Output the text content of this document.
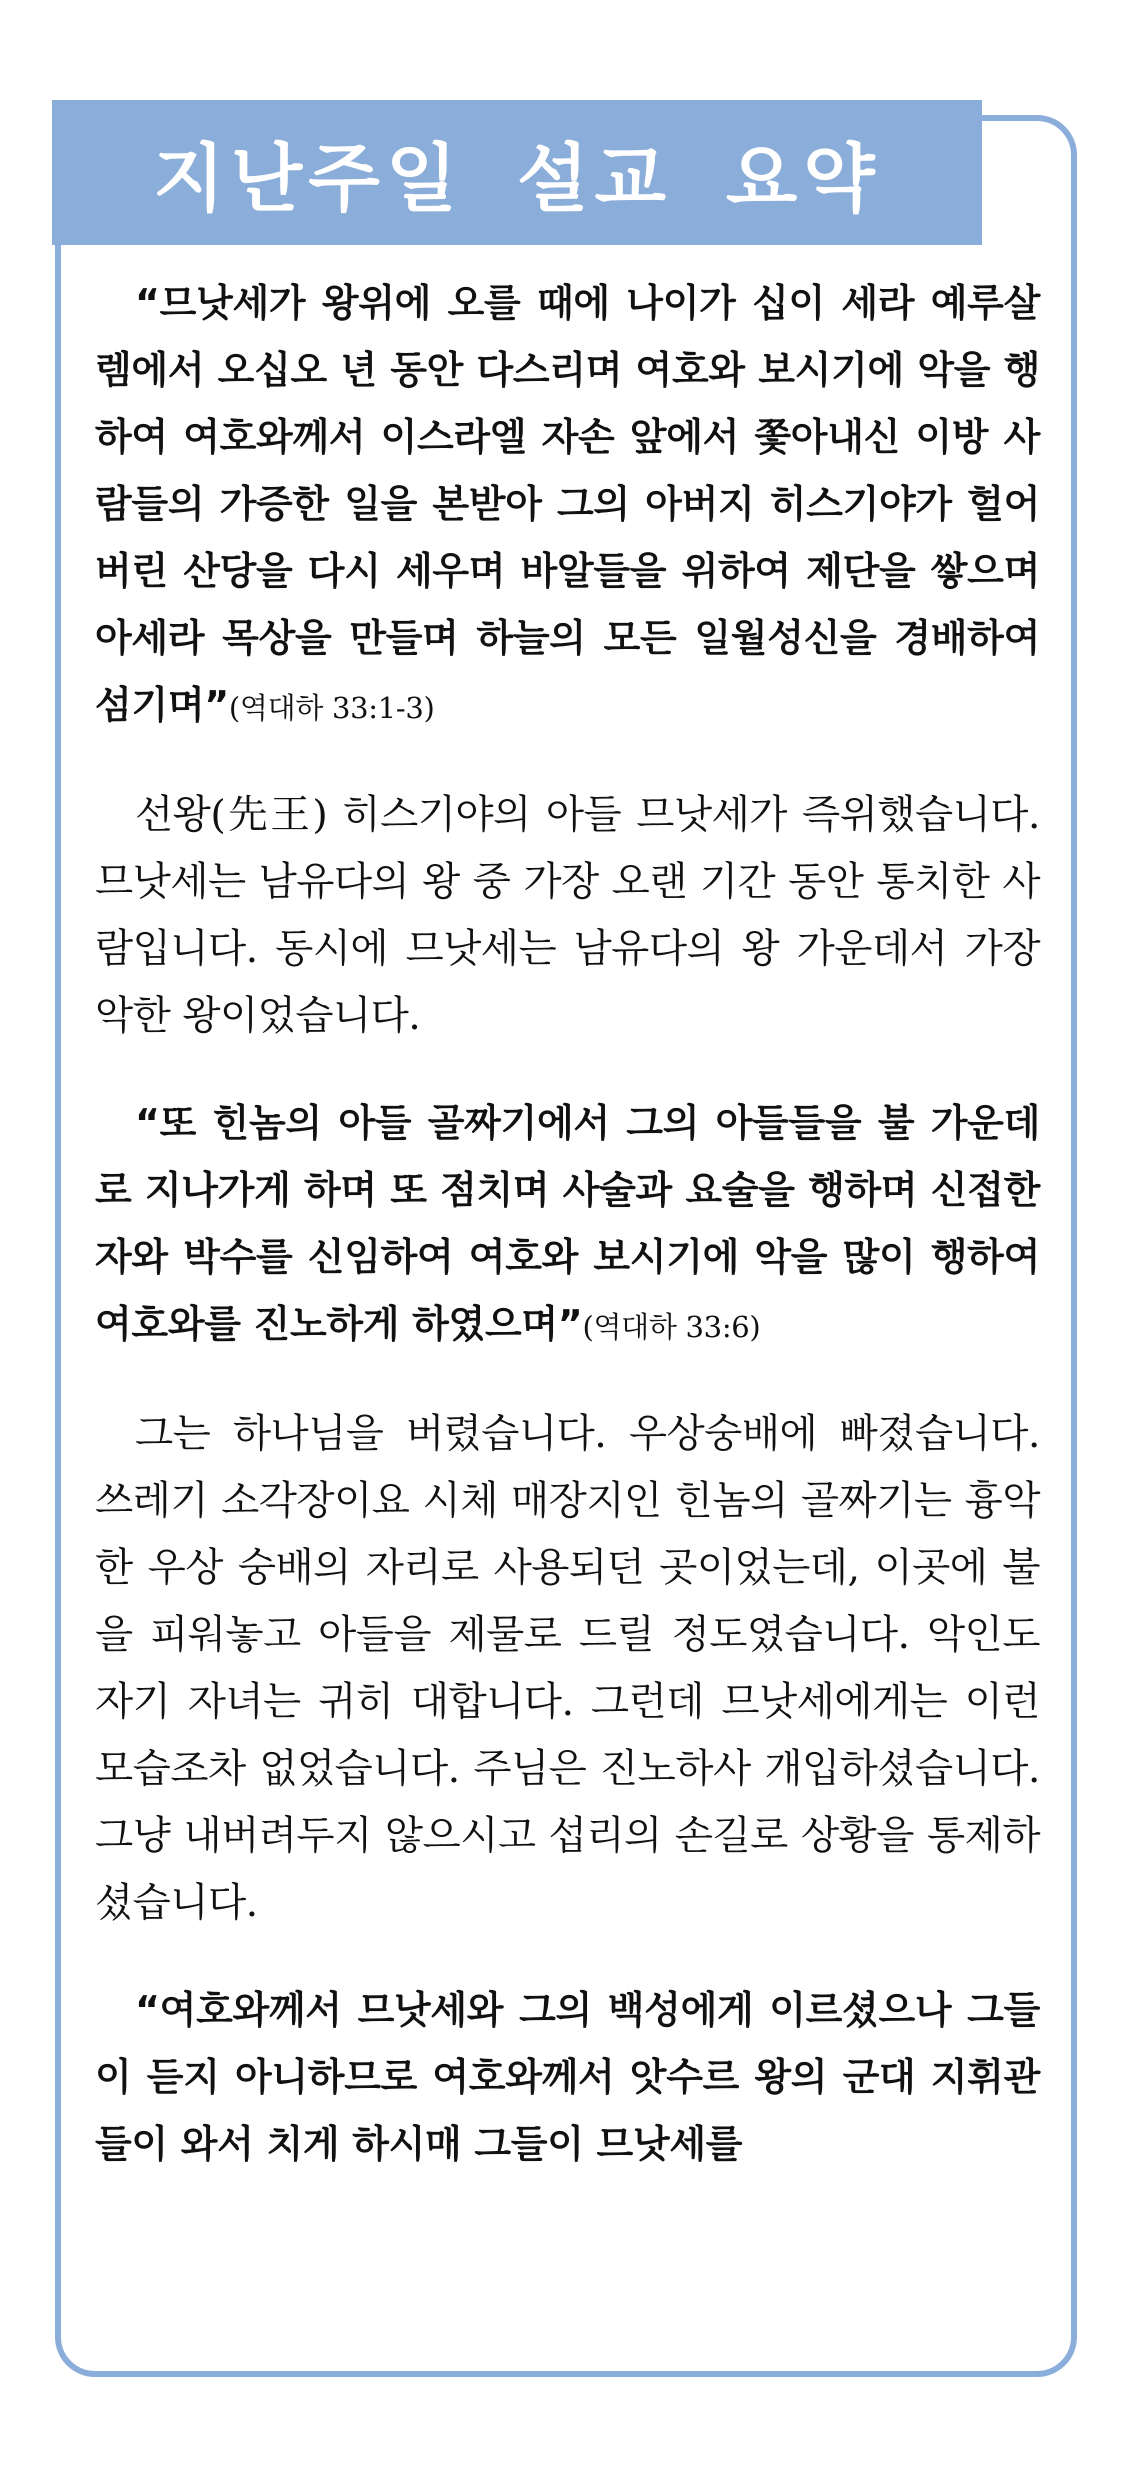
지난주일 설교 요약

“므낫세가 왕위에 오를 때에 나이가 십이 세라 예루살렘에서 오십오 년 동안 다스리며 여호와 보시기에 악을 행하여 여호와께서 이스라엘 자손 앞에서 쫓아내신 이방 사람들의 가증한 일을 본받아 그의 아버지 히스기야가 헐어 버린 산당을 다시 세우며 바알들을 위하여 제단을 쌓으며 아세라 목상을 만들며 하늘의 모든 일월성신을 경배하여 섬기며”(역대하 33:1-3)

선왕(先王) 히스기야의 아들 므낫세가 즉위했습니다. 므낫세는 남유다의 왕 중 가장 오랜 기간 동안 통치한 사람입니다. 동시에 므낫세는 남유다의 왕 가운데서 가장 악한 왕이었습니다.

“또 힌놈의 아들 골짜기에서 그의 아들들을 불 가운데로 지나가게 하며 또 점치며 사술과 요술을 행하며 신접한 자와 박수를 신임하여 여호와 보시기에 악을 많이 행하여 여호와를 진노하게 하였으며”(역대하 33:6)

그는 하나님을 버렸습니다. 우상숭배에 빠졌습니다. 쓰레기 소각장이요 시체 매장지인 힌놈의 골짜기는 흉악한 우상 숭배의 자리로 사용되던 곳이었는데, 이곳에 불을 피워놓고 아들을 제물로 드릴 정도였습니다. 악인도 자기 자녀는 귀히 대합니다. 그런데 므낫세에게는 이런 모습조차 없었습니다. 주님은 진노하사 개입하셨습니다. 그냥 내버려두지 않으시고 섭리의 손길로 상황을 통제하셨습니다.

“여호와께서 므낫세와 그의 백성에게 이르셨으나 그들이 듣지 아니하므로 여호와께서 앗수르 왕의 군대 지휘관들이 와서 치게 하시매 그들이 므낫세를
